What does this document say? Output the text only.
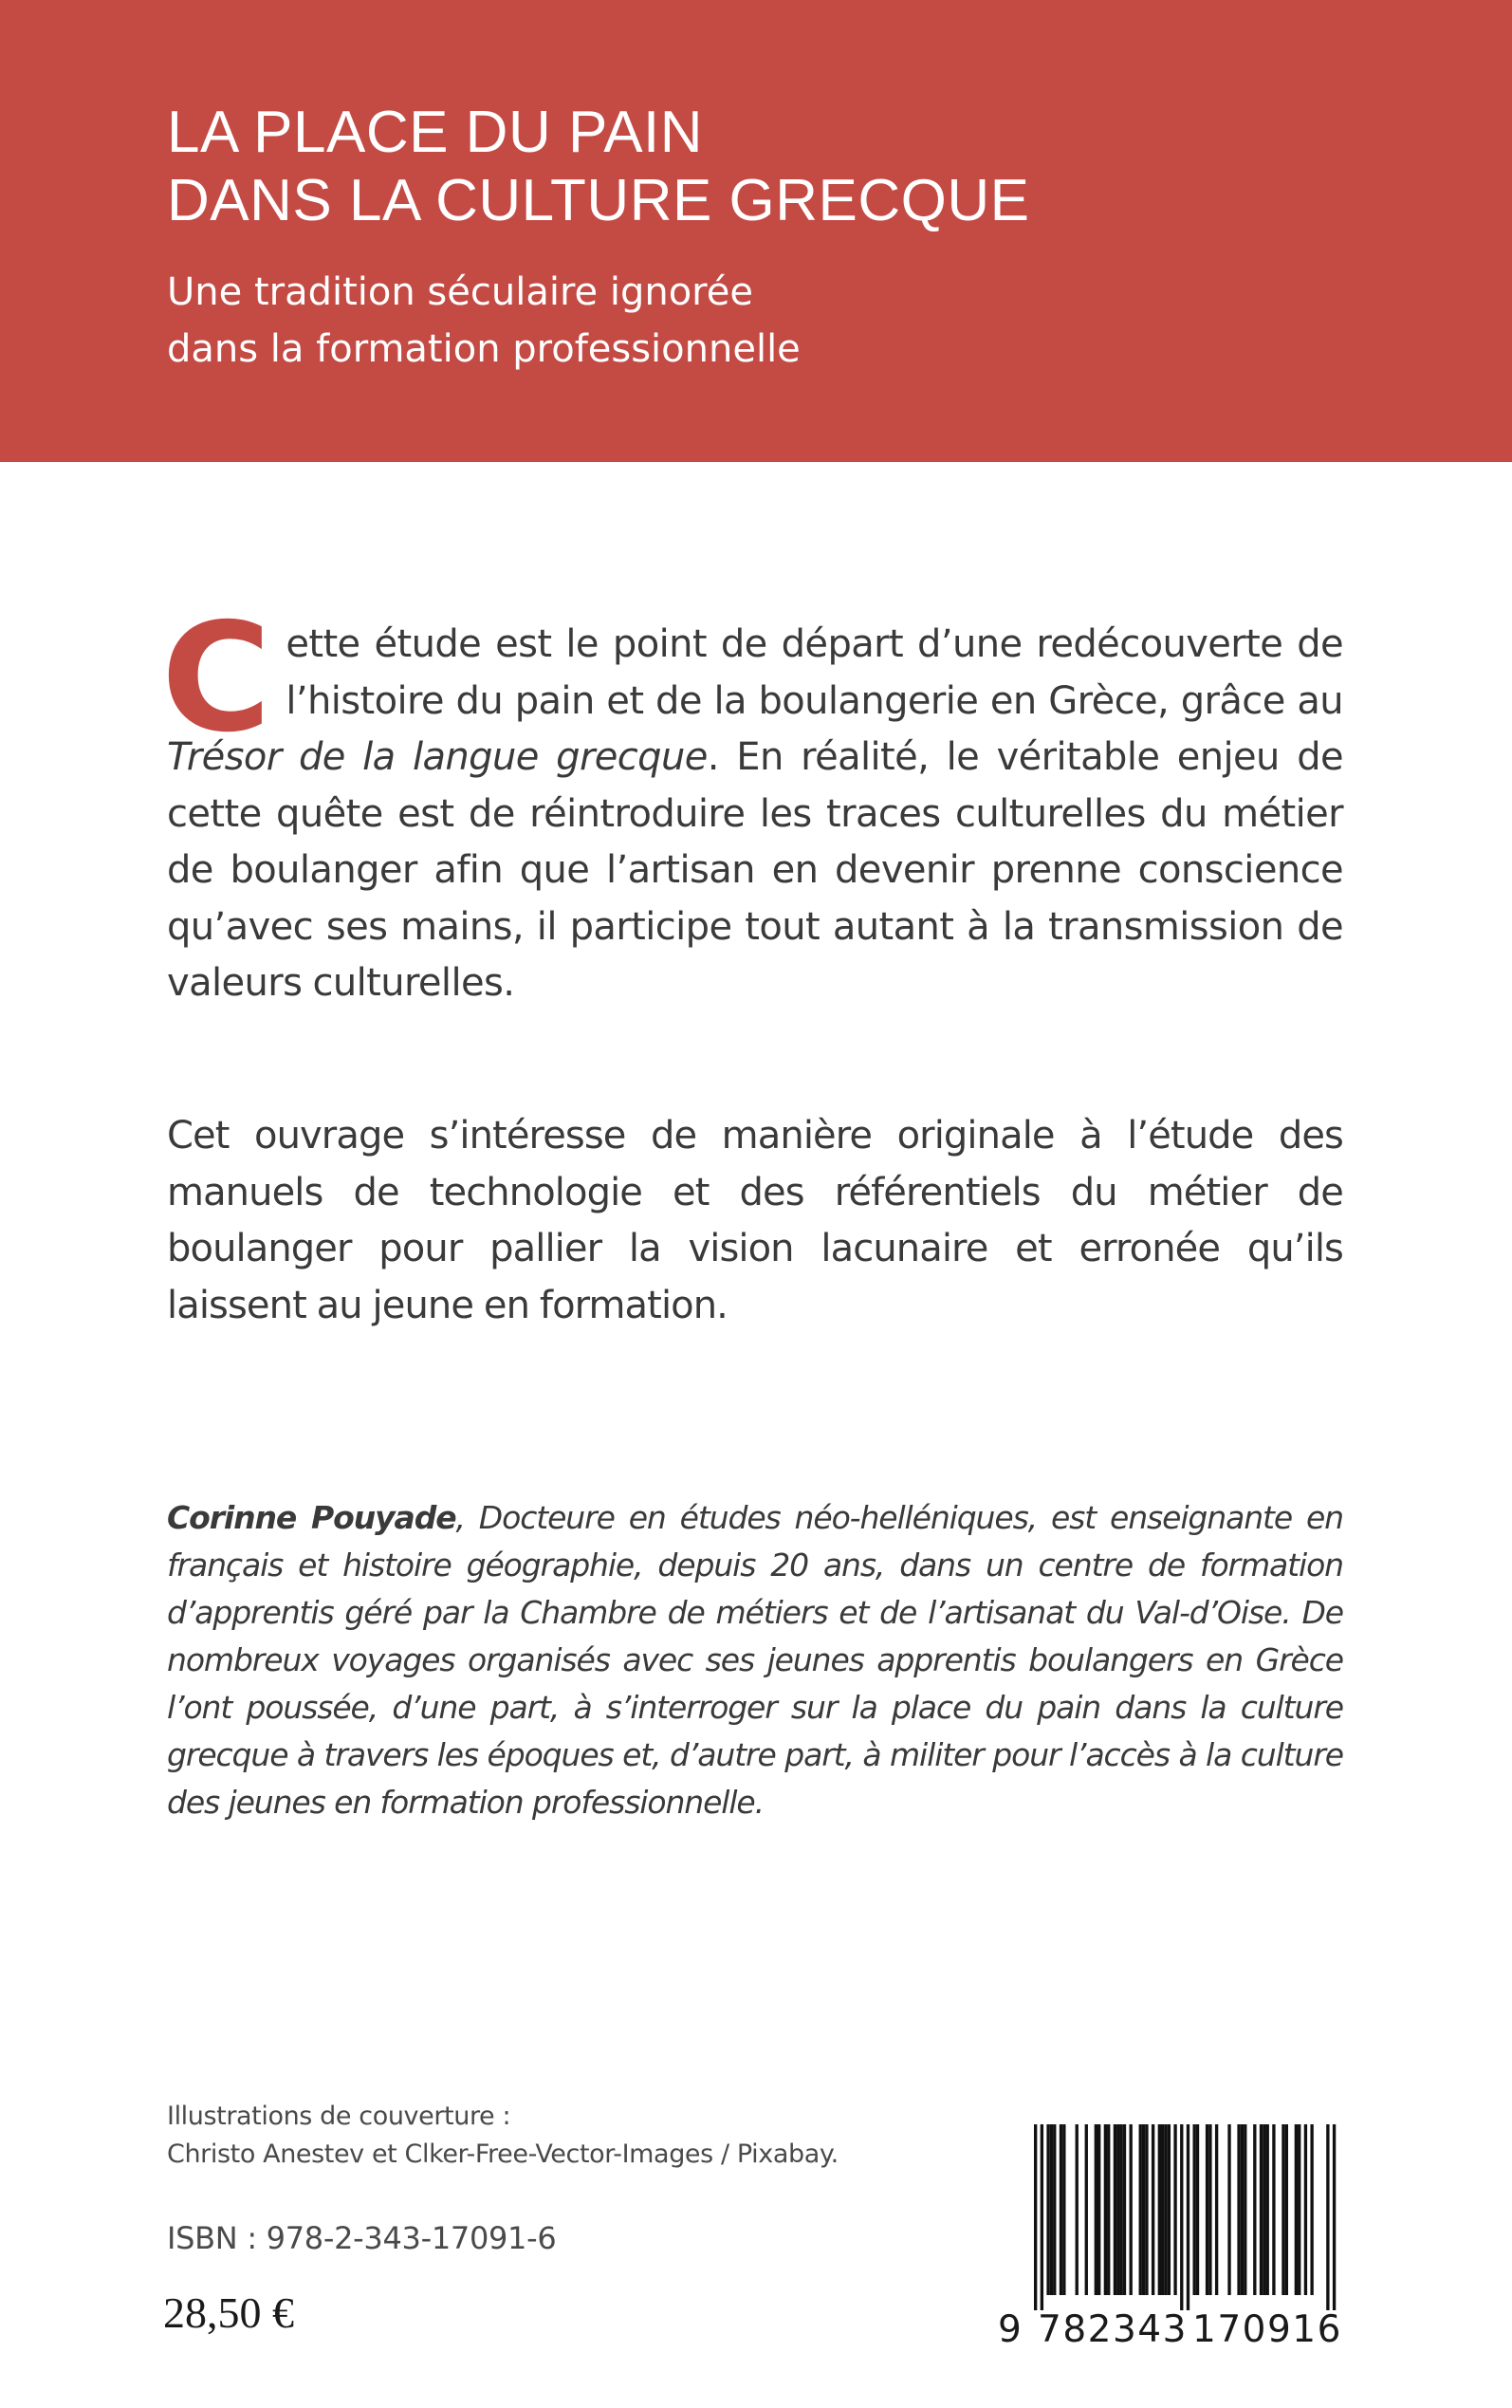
LA PLACE DU PAIN
DANS LA CULTURE GRECQUE
Une tradition séculaire ignorée
dans la formation professionnelle
Cette étude est le point de départ d’une redécouverte de l’histoire du pain et de la boulangerie en Grèce, grâce au Trésor de la langue grecque. En réalité, le véritable enjeu de cette quête est de réintroduire les traces culturelles du métier de boulanger afin que l’artisan en devenir prenne conscience qu’avec ses mains, il participe tout autant à la transmission de valeurs culturelles.
Cet ouvrage s’intéresse de manière originale à l’étude des manuels de technologie et des référentiels du métier de boulanger pour pallier la vision lacunaire et erronée qu’ils laissent au jeune en formation.
Corinne Pouyade, Docteure en études néo-helléniques, est enseignante en français et histoire géographie, depuis 20 ans, dans un centre de formation d’apprentis géré par la Chambre de métiers et de l’artisanat du Val-d’Oise. De nombreux voyages organisés avec ses jeunes apprentis boulangers en Grèce l’ont poussée, d’une part, à s’interroger sur la place du pain dans la culture grecque à travers les époques et, d’autre part, à militer pour l’accès à la culture des jeunes en formation professionnelle.
Illustrations de couverture :
Christo Anestev et Clker-Free-Vector-Images / Pixabay.
ISBN : 978-2-343-17091-6
28,50 €	9 782343 170916
